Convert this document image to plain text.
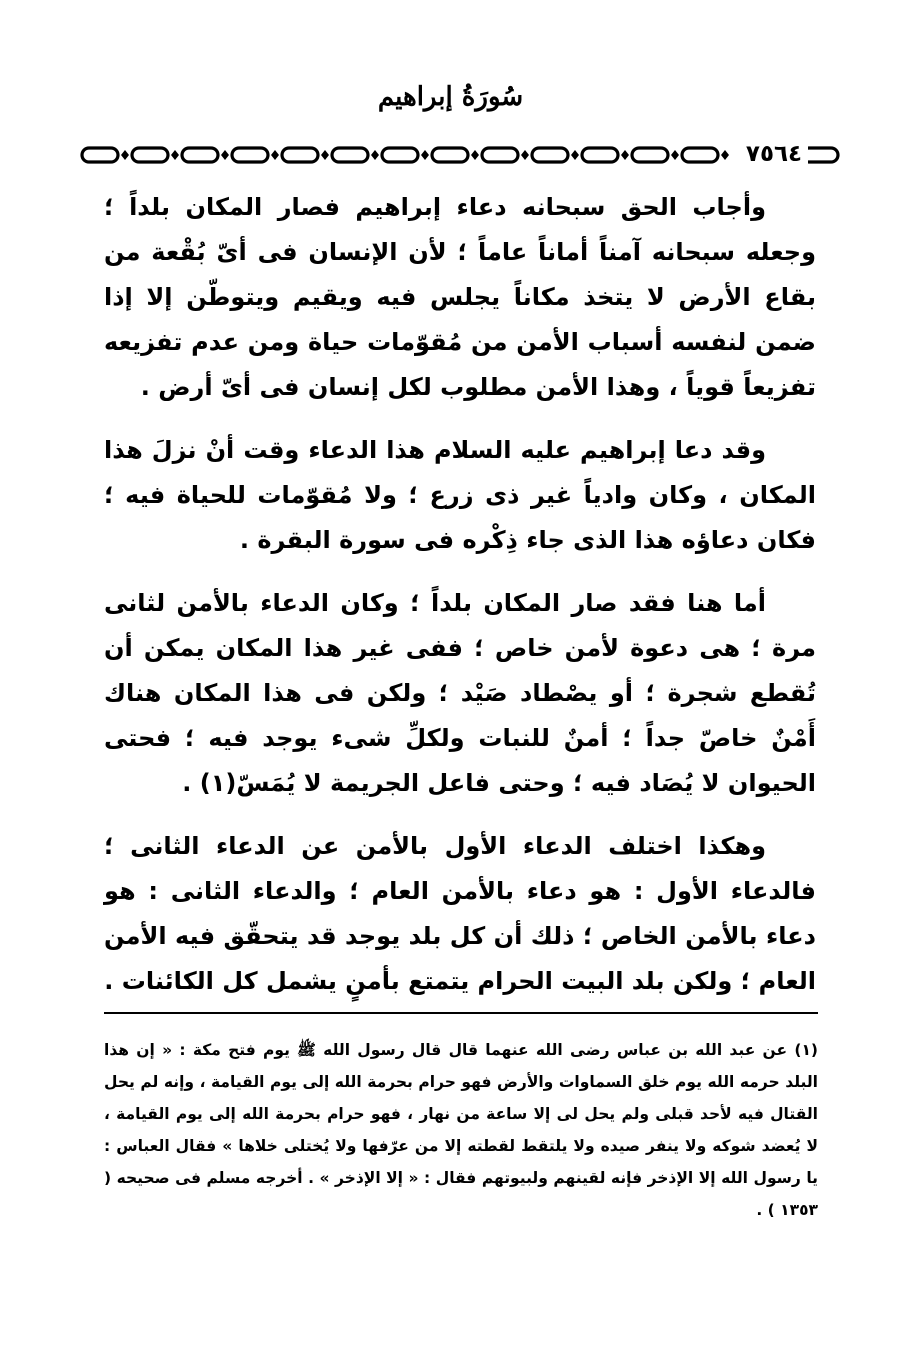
سُورَةُ إبراهيم
٧٥٦٤

وأجاب الحق سبحانه دعاء إبراهيم فصار المكان بلداً ؛ وجعله سبحانه آمناً أماناً عاماً ؛ لأن الإنسان فى أىّ بُقْعة من بقاع الأرض لا يتخذ مكاناً يجلس فيه ويقيم ويتوطّن إلا إذا ضمن لنفسه أسباب الأمن من مُقوّمات حياة ومن عدم تفزيعه تفزيعاً قوياً ، وهذا الأمن مطلوب لكل إنسان فى أىّ أرض .

وقد دعا إبراهيم عليه السلام هذا الدعاء وقت أنْ نزلَ هذا المكان ، وكان وادياً غير ذى زرع ؛ ولا مُقوّمات للحياة فيه ؛ فكان دعاؤه هذا الذى جاء ذِكْره فى سورة البقرة .

أما هنا فقد صار المكان بلداً ؛ وكان الدعاء بالأمن لثانى مرة ؛ هى دعوة لأمن خاص ؛ ففى غير هذا المكان يمكن أن تُقطع شجرة ؛ أو يصْطاد صَيْد ؛ ولكن فى هذا المكان هناك أَمْنٌ خاصّ جداً ؛ أمنٌ للنبات ولكلِّ شىء يوجد فيه ؛ فحتى الحيوان لا يُصَاد فيه ؛ وحتى فاعل الجريمة لا يُمَسّ(١) .

وهكذا اختلف الدعاء الأول بالأمن عن الدعاء الثانى ؛ فالدعاء الأول : هو دعاء بالأمن العام ؛ والدعاء الثانى : هو دعاء بالأمن الخاص ؛ ذلك أن كل بلد يوجد قد يتحقّق فيه الأمن العام ؛ ولكن بلد البيت الحرام يتمتع بأمنٍ يشمل كل الكائنات .

(١) عن عبد الله بن عباس رضى الله عنهما قال قال رسول الله ﷺ يوم فتح مكة : « إن هذا البلد حرمه الله يوم خلق السماوات والأرض فهو حرام بحرمة الله إلى يوم القيامة ، وإنه لم يحل القتال فيه لأحد قبلى ولم يحل لى إلا ساعة من نهار ، فهو حرام بحرمة الله إلى يوم القيامة ، لا يُعضد شوكه ولا ينفر صيده ولا يلتقط لقطته إلا من عرّفها ولا يُختلى خلاها » فقال العباس : يا رسول الله إلا الإذخر فإنه لقينهم ولبيوتهم فقال : « إلا الإذخر » . أخرجه مسلم فى صحيحه ( ١٣٥٣ ) .
